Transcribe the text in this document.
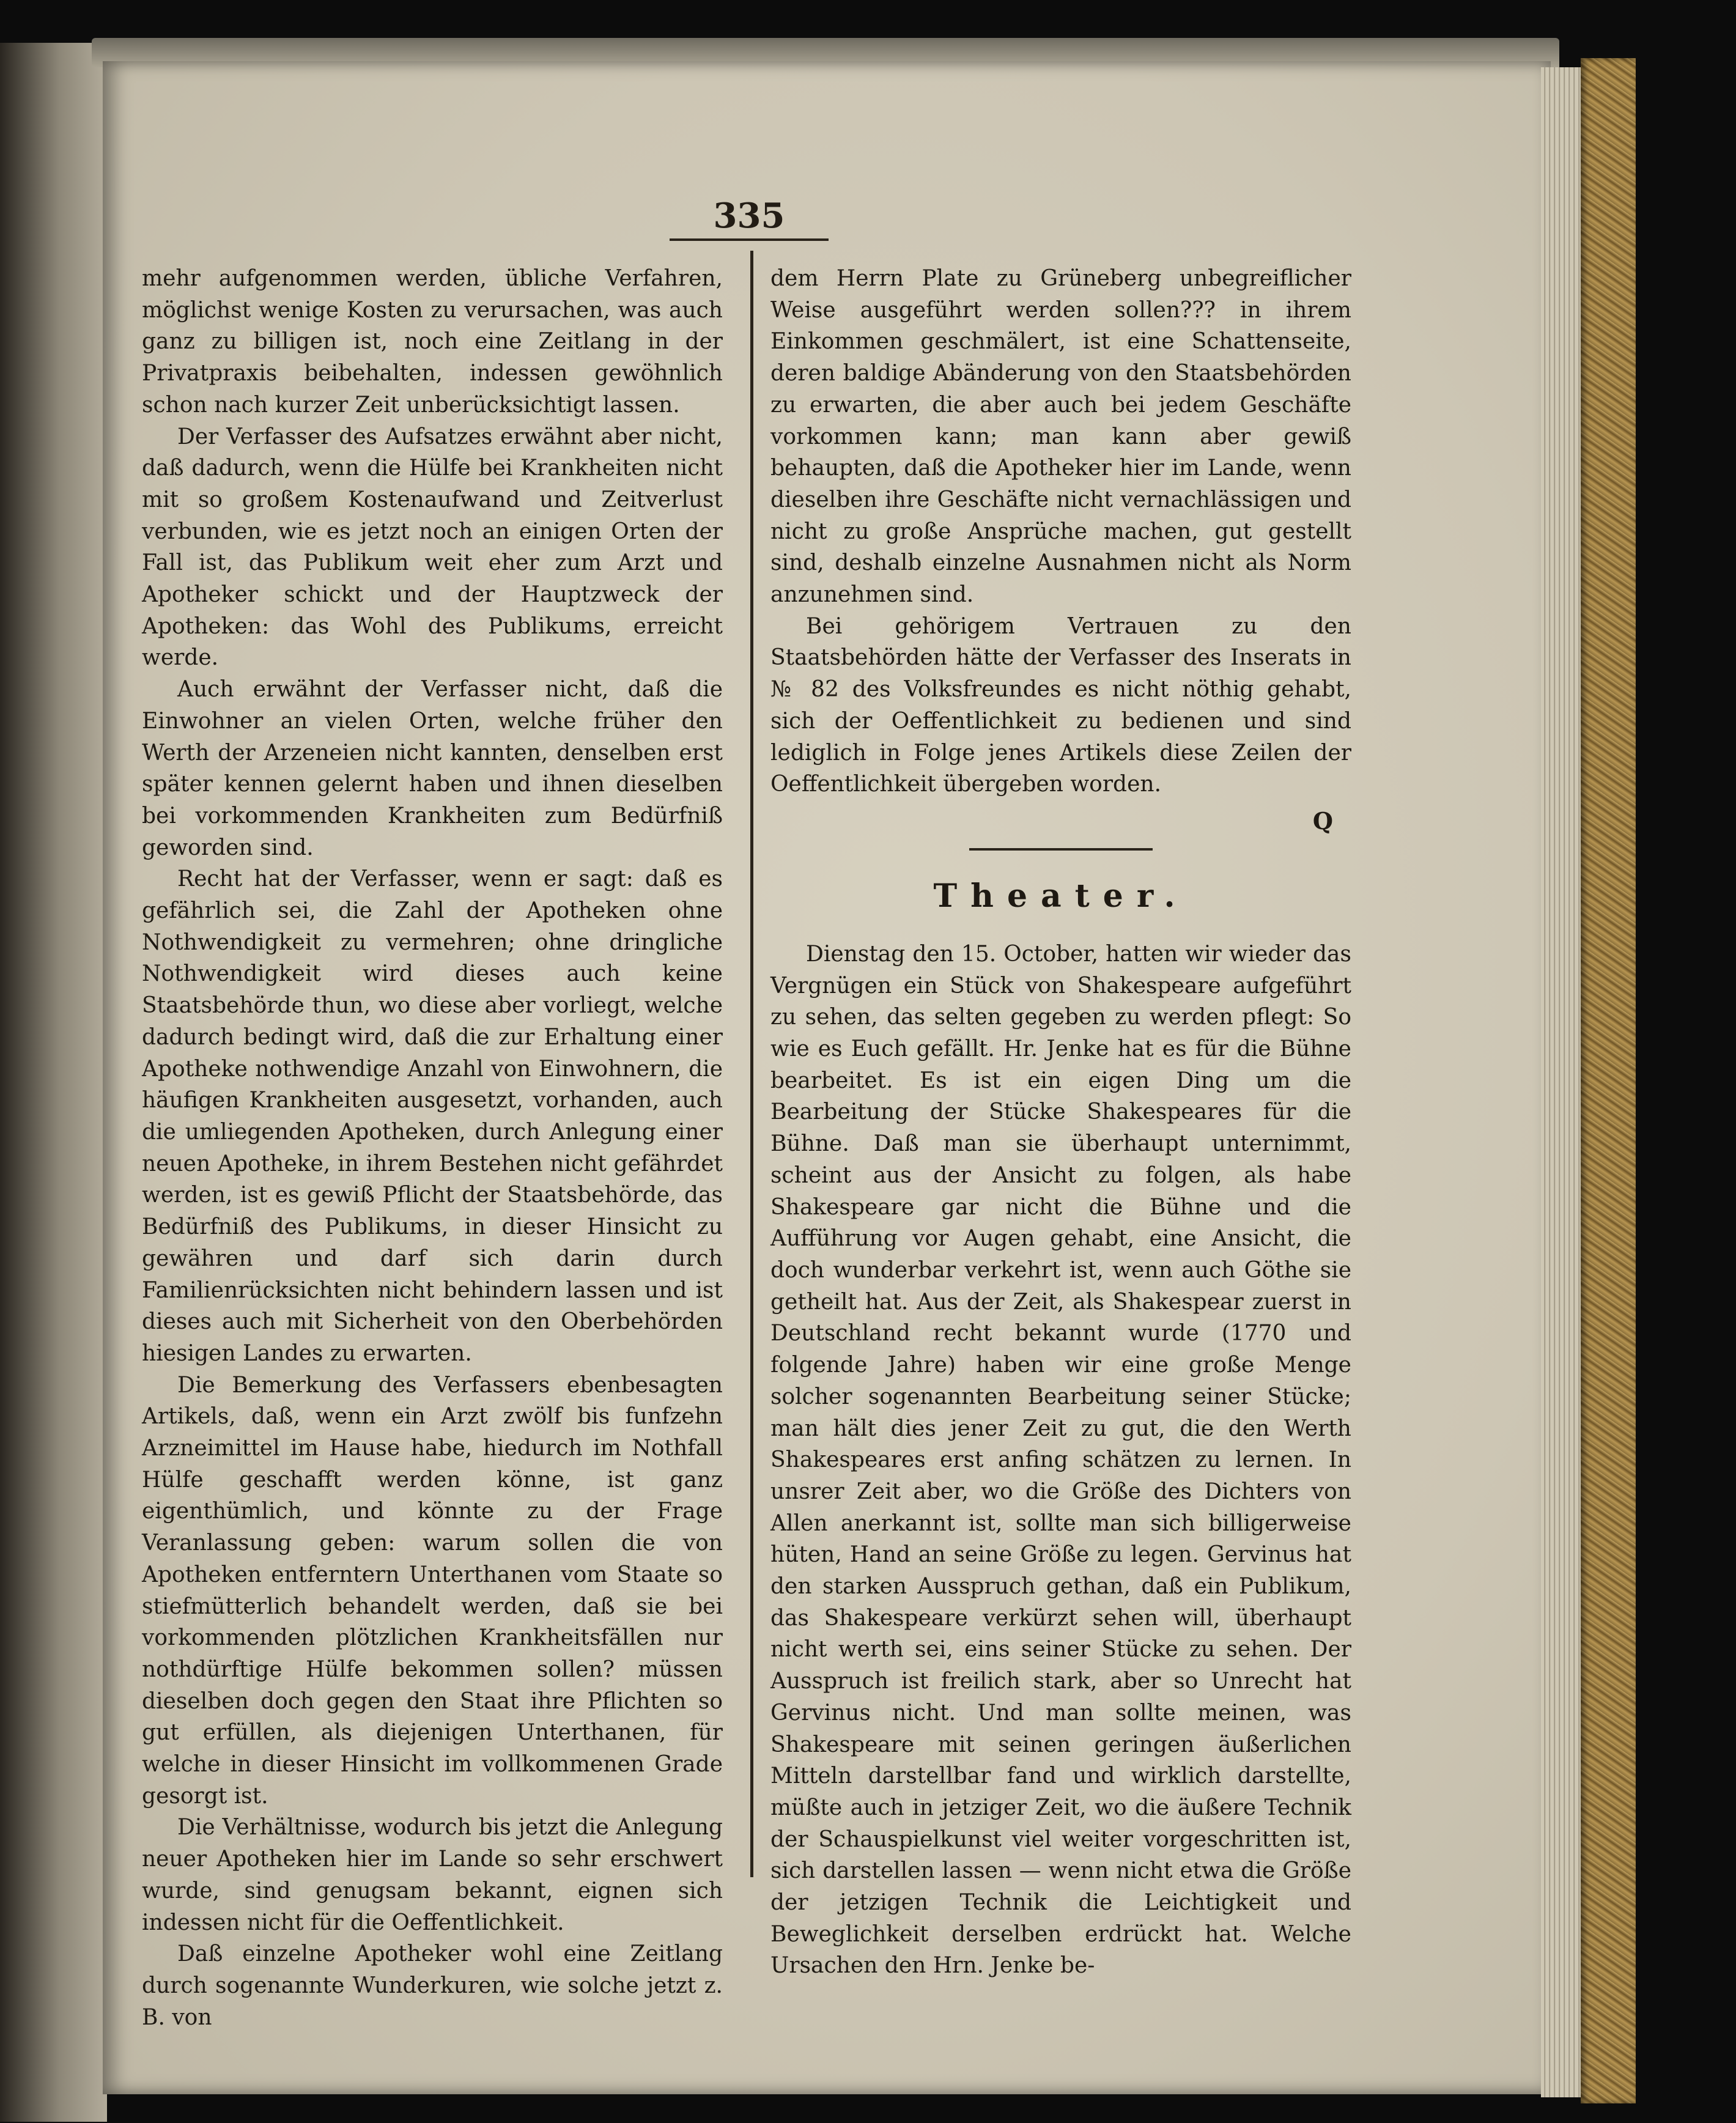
335

mehr aufgenommen werden, übliche Verfahren, möglichst wenige Kosten zu verursachen, was auch ganz zu billigen ist, noch eine Zeitlang in der Privatpraxis beibehalten, indessen gewöhnlich schon nach kurzer Zeit unberücksichtigt lassen.

Der Verfasser des Aufsatzes erwähnt aber nicht, daß dadurch, wenn die Hülfe bei Krankheiten nicht mit so großem Kostenaufwand und Zeitverlust verbunden, wie es jetzt noch an einigen Orten der Fall ist, das Publikum weit eher zum Arzt und Apotheker schickt und der Hauptzweck der Apotheken: das Wohl des Publikums, erreicht werde.

Auch erwähnt der Verfasser nicht, daß die Einwohner an vielen Orten, welche früher den Werth der Arzeneien nicht kannten, denselben erst später kennen gelernt haben und ihnen dieselben bei vorkommenden Krankheiten zum Bedürfniß geworden sind.

Recht hat der Verfasser, wenn er sagt: daß es gefährlich sei, die Zahl der Apotheken ohne Nothwendigkeit zu vermehren; ohne dringliche Nothwendigkeit wird dieses auch keine Staatsbehörde thun, wo diese aber vorliegt, welche dadurch bedingt wird, daß die zur Erhaltung einer Apotheke nothwendige Anzahl von Einwohnern, die häufigen Krankheiten ausgesetzt, vorhanden, auch die umliegenden Apotheken, durch Anlegung einer neuen Apotheke, in ihrem Bestehen nicht gefährdet werden, ist es gewiß Pflicht der Staatsbehörde, das Bedürfniß des Publikums, in dieser Hinsicht zu gewähren und darf sich darin durch Familienrücksichten nicht behindern lassen und ist dieses auch mit Sicherheit von den Oberbehörden hiesigen Landes zu erwarten.

Die Bemerkung des Verfassers ebenbesagten Artikels, daß, wenn ein Arzt zwölf bis funfzehn Arzneimittel im Hause habe, hiedurch im Nothfall Hülfe geschafft werden könne, ist ganz eigenthümlich, und könnte zu der Frage Veranlassung geben: warum sollen die von Apotheken entferntern Unterthanen vom Staate so stiefmütterlich behandelt werden, daß sie bei vorkommenden plötzlichen Krankheitsfällen nur nothdürftige Hülfe bekommen sollen? müssen dieselben doch gegen den Staat ihre Pflichten so gut erfüllen, als diejenigen Unterthanen, für welche in dieser Hinsicht im vollkommenen Grade gesorgt ist.

Die Verhältnisse, wodurch bis jetzt die Anlegung neuer Apotheken hier im Lande so sehr erschwert wurde, sind genugsam bekannt, eignen sich indessen nicht für die Oeffentlichkeit.

Daß einzelne Apotheker wohl eine Zeitlang durch sogenannte Wunderkuren, wie solche jetzt z. B. von

dem Herrn Plate zu Grüneberg unbegreiflicher Weise ausgeführt werden sollen??? in ihrem Einkommen geschmälert, ist eine Schattenseite, deren baldige Abänderung von den Staatsbehörden zu erwarten, die aber auch bei jedem Geschäfte vorkommen kann; man kann aber gewiß behaupten, daß die Apotheker hier im Lande, wenn dieselben ihre Geschäfte nicht vernachlässigen und nicht zu große Ansprüche machen, gut gestellt sind, deshalb einzelne Ausnahmen nicht als Norm anzunehmen sind.

Bei gehörigem Vertrauen zu den Staatsbehörden hätte der Verfasser des Inserats in № 82 des Volksfreundes es nicht nöthig gehabt, sich der Oeffentlichkeit zu bedienen und sind lediglich in Folge jenes Artikels diese Zeilen der Oeffentlichkeit übergeben worden.

Q
Theater.

Dienstag den 15. October, hatten wir wieder das Vergnügen ein Stück von Shakespeare aufgeführt zu sehen, das selten gegeben zu werden pflegt: So wie es Euch gefällt. Hr. Jenke hat es für die Bühne bearbeitet. Es ist ein eigen Ding um die Bearbeitung der Stücke Shakespeares für die Bühne. Daß man sie überhaupt unternimmt, scheint aus der Ansicht zu folgen, als habe Shakespeare gar nicht die Bühne und die Aufführung vor Augen gehabt, eine Ansicht, die doch wunderbar verkehrt ist, wenn auch Göthe sie getheilt hat. Aus der Zeit, als Shakespear zuerst in Deutschland recht bekannt wurde (1770 und folgende Jahre) haben wir eine große Menge solcher sogenannten Bearbeitung seiner Stücke; man hält dies jener Zeit zu gut, die den Werth Shakespeares erst anfing schätzen zu lernen. In unsrer Zeit aber, wo die Größe des Dichters von Allen anerkannt ist, sollte man sich billigerweise hüten, Hand an seine Größe zu legen. Gervinus hat den starken Ausspruch gethan, daß ein Publikum, das Shakespeare verkürzt sehen will, überhaupt nicht werth sei, eins seiner Stücke zu sehen. Der Ausspruch ist freilich stark, aber so Unrecht hat Gervinus nicht. Und man sollte meinen, was Shakespeare mit seinen geringen äußerlichen Mitteln darstellbar fand und wirklich darstellte, müßte auch in jetziger Zeit, wo die äußere Technik der Schauspielkunst viel weiter vorgeschritten ist, sich darstellen lassen — wenn nicht etwa die Größe der jetzigen Technik die Leichtigkeit und Beweglichkeit derselben erdrückt hat. Welche Ursachen den Hrn. Jenke be-
